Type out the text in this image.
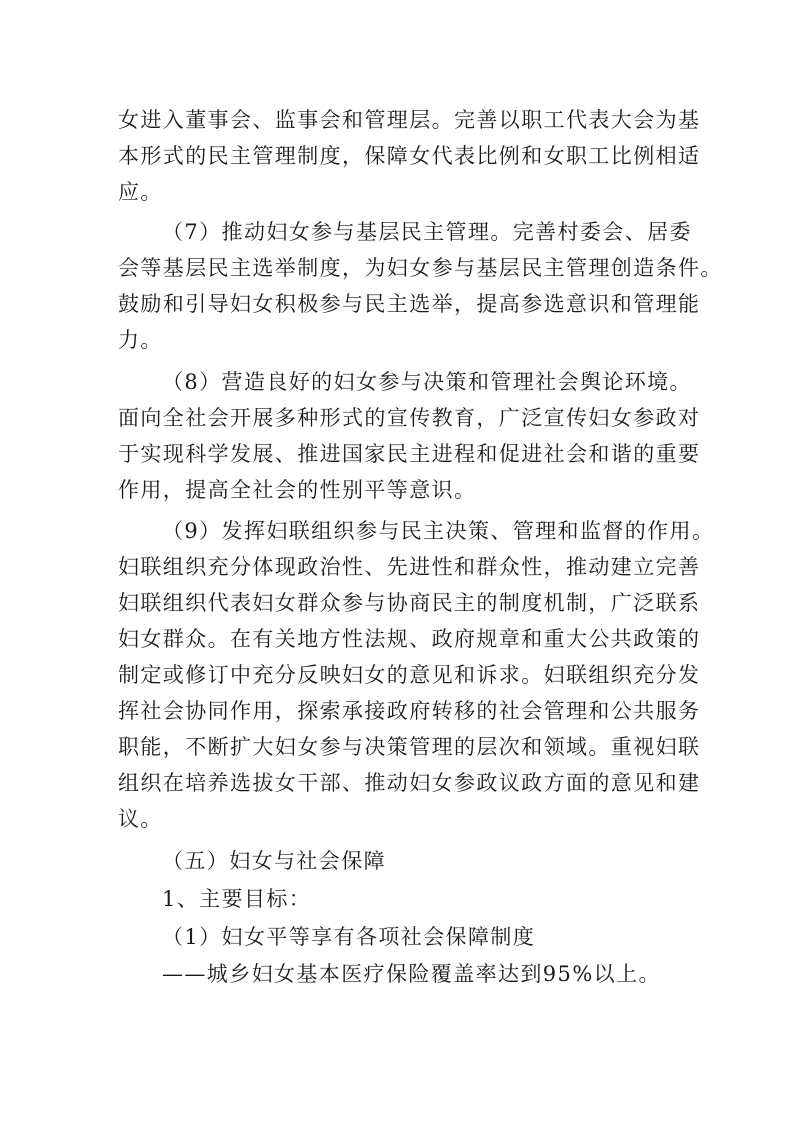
女进入董事会、监事会和管理层。完善以职工代表大会为基
本形式的民主管理制度，保障女代表比例和女职工比例相适
应。
（7）推动妇女参与基层民主管理。完善村委会、居委
会等基层民主选举制度，为妇女参与基层民主管理创造条件。
鼓励和引导妇女积极参与民主选举，提高参选意识和管理能
力。
（8）营造良好的妇女参与决策和管理社会舆论环境。
面向全社会开展多种形式的宣传教育，广泛宣传妇女参政对
于实现科学发展、推进国家民主进程和促进社会和谐的重要
作用，提高全社会的性别平等意识。
（9）发挥妇联组织参与民主决策、管理和监督的作用。
妇联组织充分体现政治性、先进性和群众性，推动建立完善
妇联组织代表妇女群众参与协商民主的制度机制，广泛联系
妇女群众。在有关地方性法规、政府规章和重大公共政策的
制定或修订中充分反映妇女的意见和诉求。妇联组织充分发
挥社会协同作用，探索承接政府转移的社会管理和公共服务
职能，不断扩大妇女参与决策管理的层次和领域。重视妇联
组织在培养选拔女干部、推动妇女参政议政方面的意见和建
议。
（五）妇女与社会保障
1、主要目标：
（1）妇女平等享有各项社会保障制度
——城乡妇女基本医疗保险覆盖率达到95%以上。
